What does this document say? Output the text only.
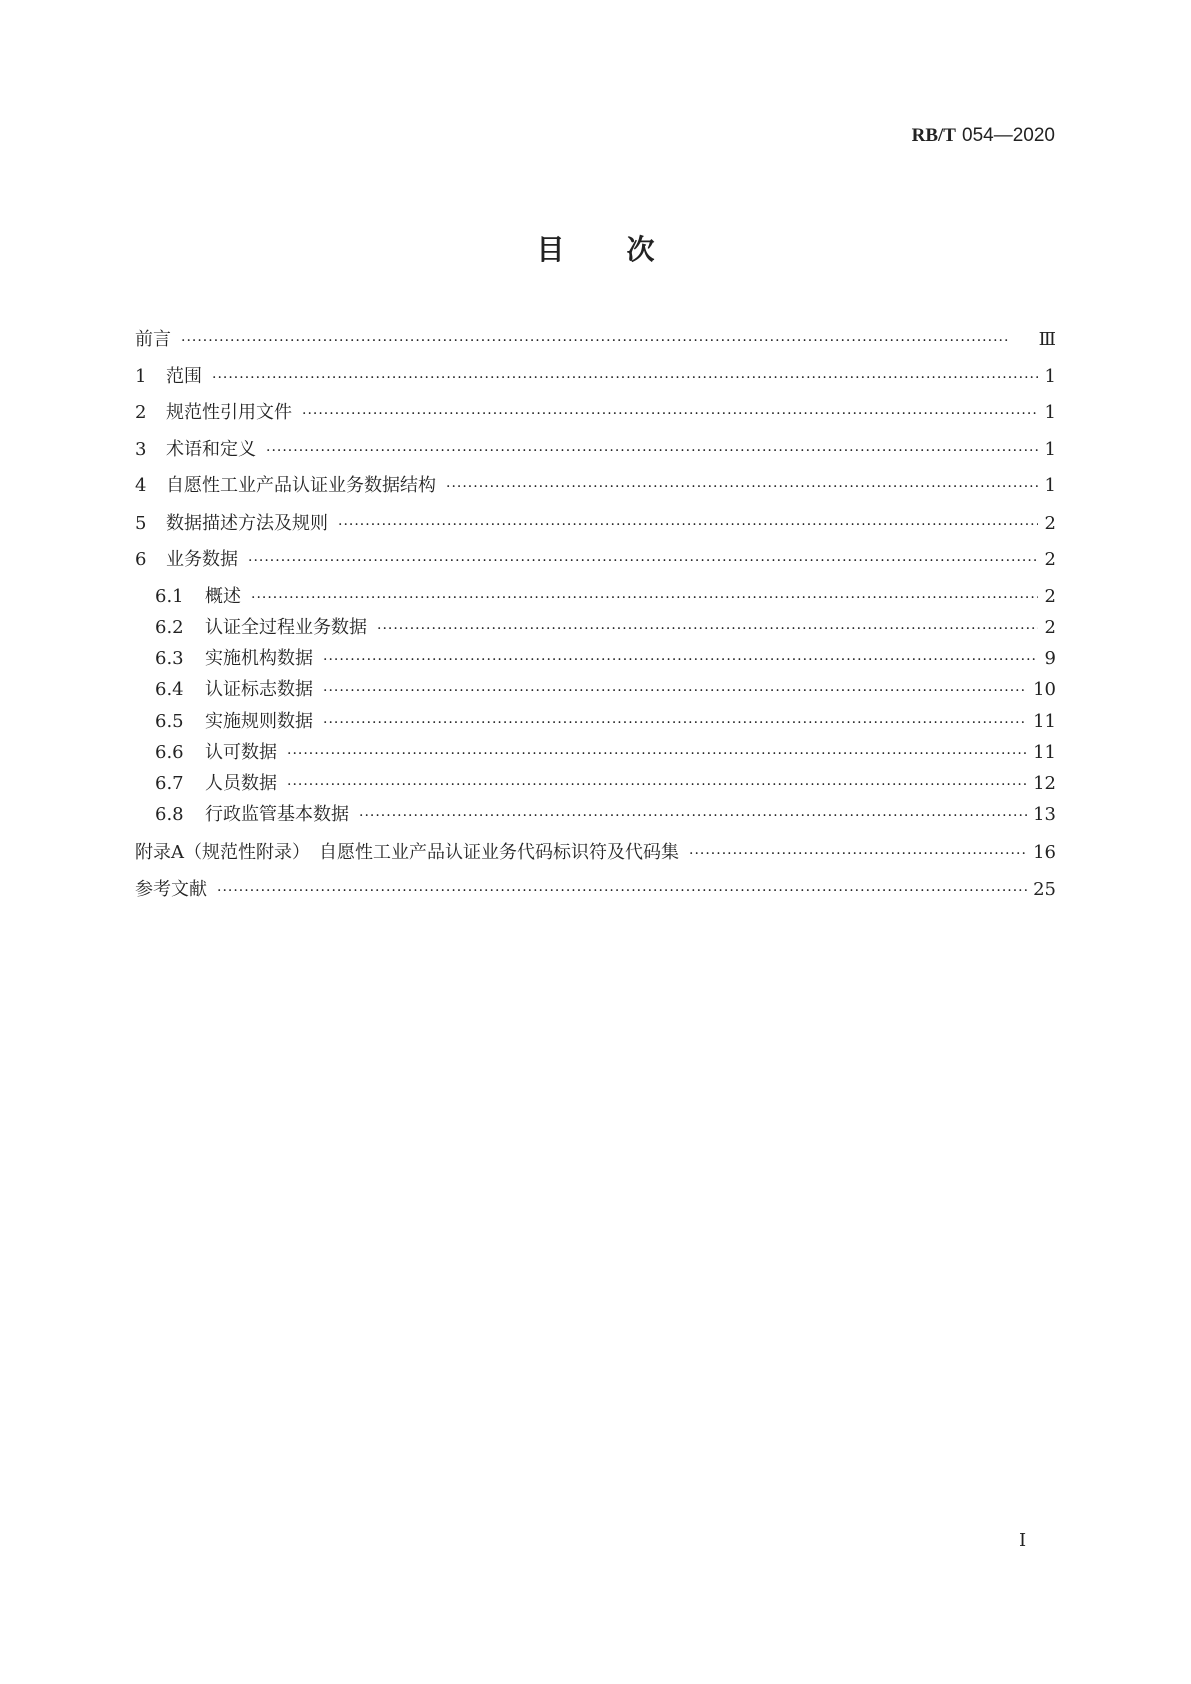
RB/T 054—2020
目次
前言 ·····	Ⅲ
1	范围 ·····	1
2	规范性引用文件 ·····	1
3	术语和定义 ·····	1
4	自愿性工业产品认证业务数据结构 ·····	1
5	数据描述方法及规则 ·····	2
6	业务数据 ·····	2
6.1	概述 ·····	2
6.2	认证全过程业务数据 ·····	2
6.3	实施机构数据 ·····	9
6.4	认证标志数据 ·····	10
6.5	实施规则数据 ·····	11
6.6	认可数据 ·····	11
6.7	人员数据 ·····	12
6.8	行政监管基本数据 ·····	13
附录A（规范性附录）　自愿性工业产品认证业务代码标识符及代码集 ·····	16
参考文献 ·····	25
I
